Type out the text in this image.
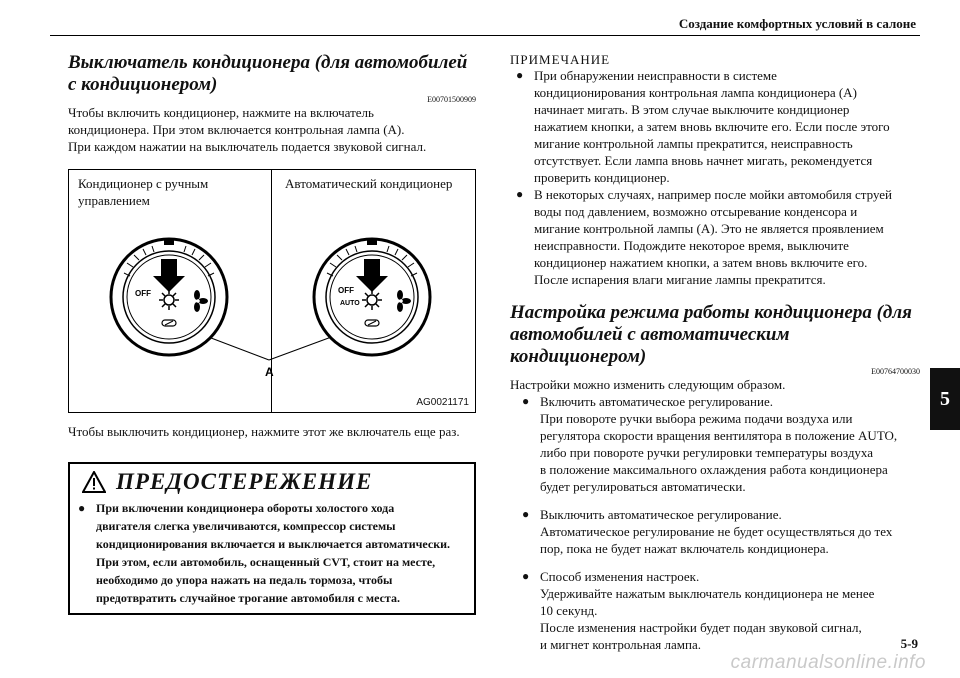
Создание комфортных условий в салоне
5
Выключатель кондиционера (для автомобилей
с кондиционером)
E00701500909

Чтобы включить кондиционер, нажмите на включатель
кондиционера. При этом включается контрольная лампа (A).
При каждом нажатии на выключатель подается звуковой сигнал.

Кондиционер с ручным
управлением
Автоматический кондиционер
OFF	OFF
AUTO
A
AG0021171

Чтобы выключить кондиционер, нажмите этот же включатель еще раз.

ПРЕДОСТЕРЕЖЕНИЕ
● При включении кондиционера обороты холостого хода
двигателя слегка увеличиваются, компрессор системы
кондиционирования включается и выключается автоматически.
При этом, если автомобиль, оснащенный CVT, стоит на месте,
необходимо до упора нажать на педаль тормоза, чтобы
предотвратить случайное трогание автомобиля с места.
ПРИМЕЧАНИЕ
● При обнаружении неисправности в системе
кондиционирования контрольная лампа кондиционера (A)
начинает мигать. В этом случае выключите кондиционер
нажатием кнопки, а затем вновь включите его. Если после этого
мигание контрольной лампы прекратится, неисправность
отсутствует. Если лампа вновь начнет мигать, рекомендуется
проверить кондиционер.
● В некоторых случаях, например после мойки автомобиля струей
воды под давлением, возможно отсыревание конденсора и
мигание контрольной лампы (A). Это не является проявлением
неисправности. Подождите некоторое время, выключите
кондиционер нажатием кнопки, а затем вновь включите его.
После испарения влаги мигание лампы прекратится.
Настройка режима работы кондиционера (для
автомобилей с автоматическим кондиционером)
E00764700030

Настройки можно изменить следующим образом.

● Включить автоматическое регулирование.
При повороте ручки выбора режима подачи воздуха или
регулятора скорости вращения вентилятора в положение AUTO,
либо при повороте ручки регулировки температуры воздуха
в положение максимального охлаждения работа кондиционера
будет регулироваться автоматически.
● Выключить автоматическое регулирование.
Автоматическое регулирование не будет осуществляться до тех
пор, пока не будет нажат включатель кондиционера.
● Способ изменения настроек.
Удерживайте нажатым выключатель кондиционера не менее
10 секунд.
После изменения настройки будет подан звуковой сигнал,
и мигнет контрольная лампа.	5-9
carmanualsonline.info
